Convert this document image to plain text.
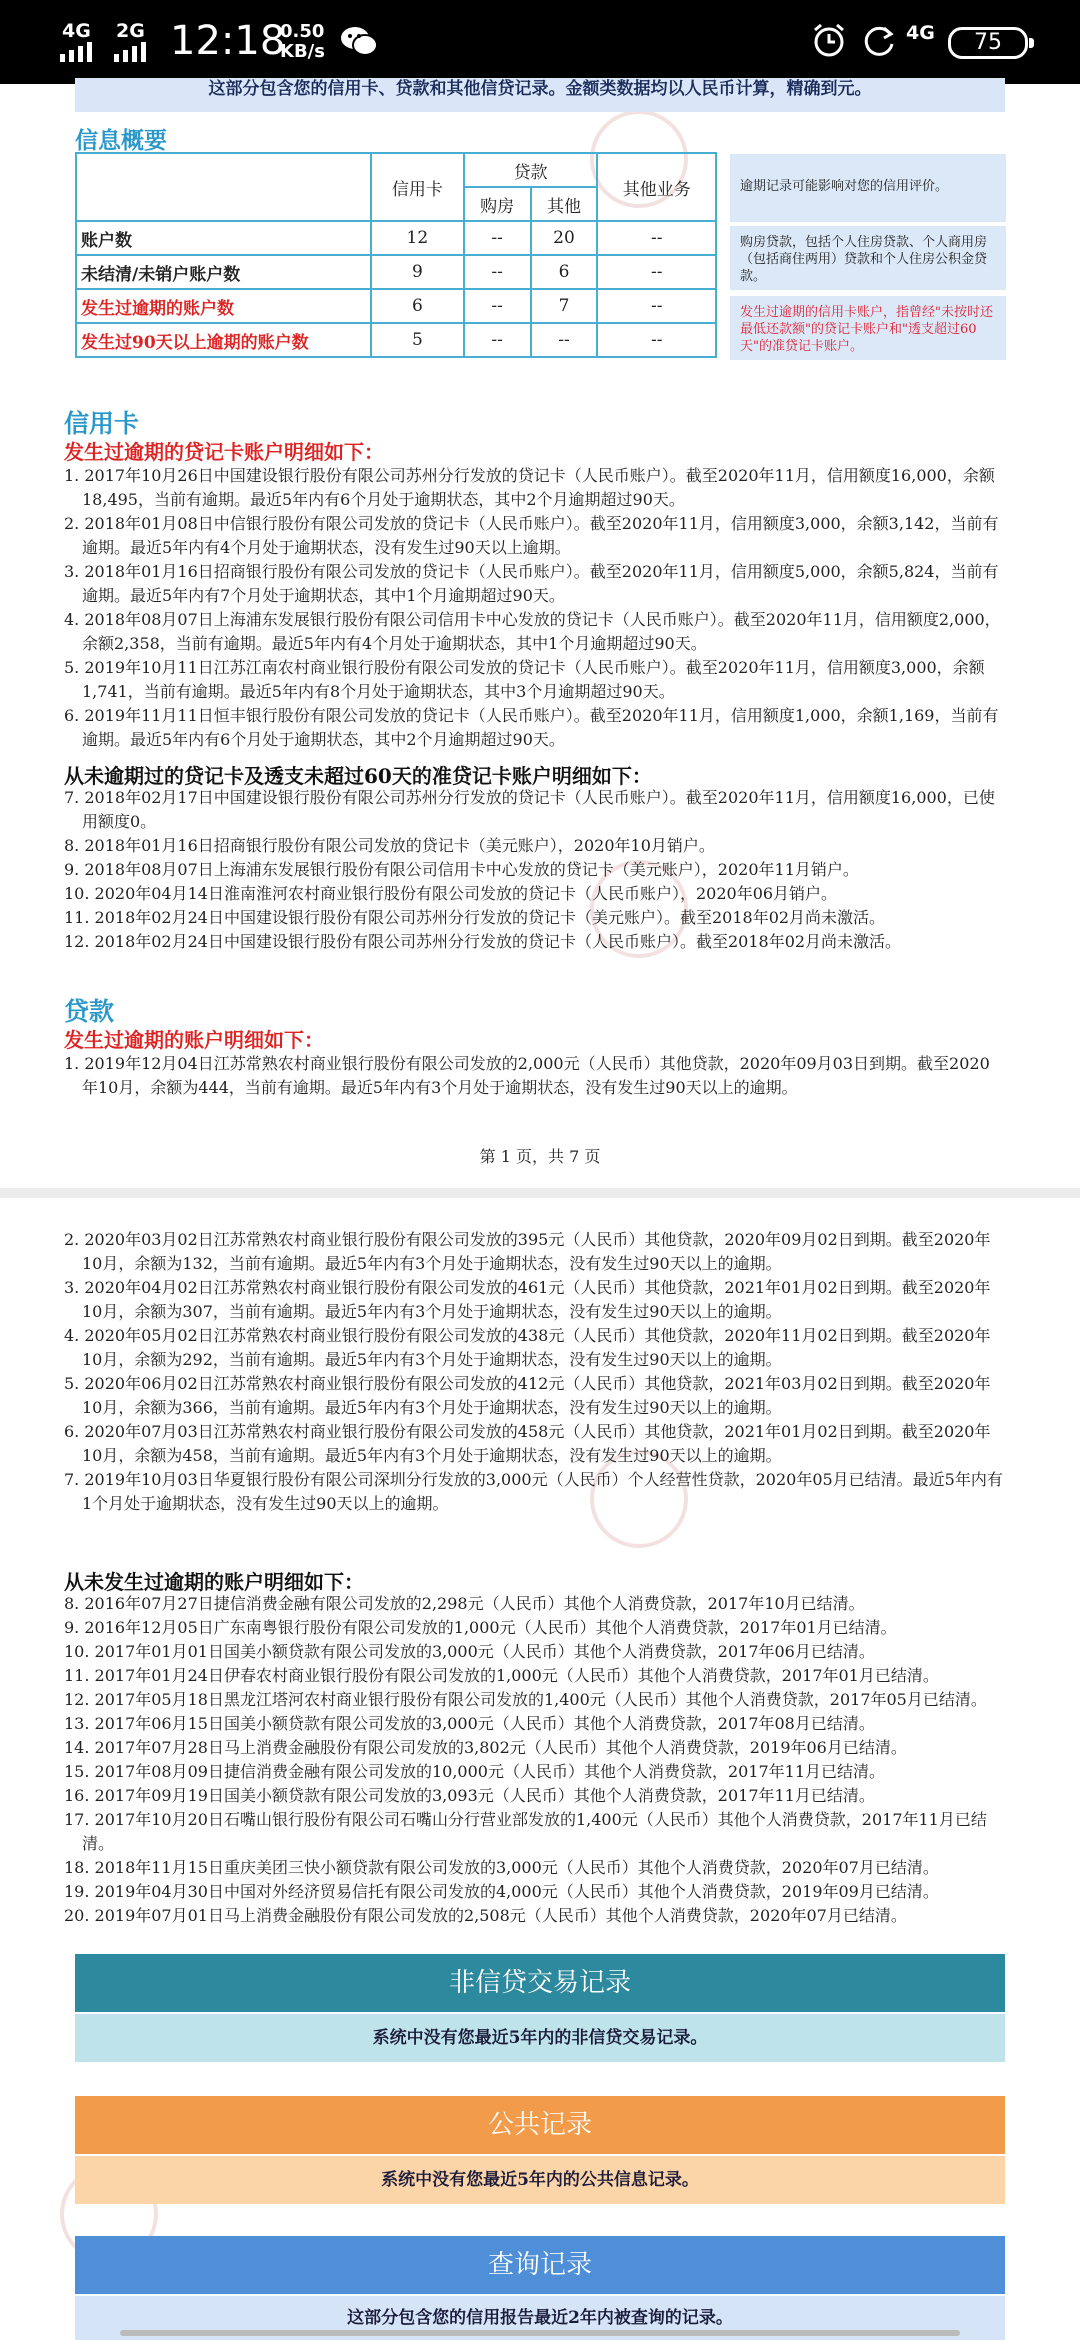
4G 2G 12:18
0.50
KB/s
4G	75
这部分包含您的信用卡、贷款和其他信贷记录。金额类数据均以人民币计算，精确到元。
信息概要
	信用卡	贷款		其他业务
		购房	其他	
账户数	12	--	20	--
未结清/未销户账户数	9	--	6	--
发生过逾期的账户数	6	--	7	--
发生过90天以上逾期的账户数	5	--	--	--
逾期记录可能影响对您的信用评价。
购房贷款，包括个人住房贷款、个人商用房（包括商住两用）贷款和个人住房公积金贷款。
发生过逾期的信用卡账户，指曾经"未按时还最低还款额"的贷记卡账户和"透支超过60天"的准贷记卡账户。
信用卡
发生过逾期的贷记卡账户明细如下：
1. 2017年10月26日中国建设银行股份有限公司苏州分行发放的贷记卡（人民币账户）。截至2020年11月，信用额度16,000，余额18,495，当前有逾期。最近5年内有6个月处于逾期状态，其中2个月逾期超过90天。
2. 2018年01月08日中信银行股份有限公司发放的贷记卡（人民币账户）。截至2020年11月，信用额度3,000，余额3,142，当前有逾期。最近5年内有4个月处于逾期状态，没有发生过90天以上逾期。
3. 2018年01月16日招商银行股份有限公司发放的贷记卡（人民币账户）。截至2020年11月，信用额度5,000，余额5,824，当前有逾期。最近5年内有7个月处于逾期状态，其中1个月逾期超过90天。
4. 2018年08月07日上海浦东发展银行股份有限公司信用卡中心发放的贷记卡（人民币账户）。截至2020年11月，信用额度2,000，余额2,358，当前有逾期。最近5年内有4个月处于逾期状态，其中1个月逾期超过90天。
5. 2019年10月11日江苏江南农村商业银行股份有限公司发放的贷记卡（人民币账户）。截至2020年11月，信用额度3,000，余额1,741，当前有逾期。最近5年内有8个月处于逾期状态，其中3个月逾期超过90天。
6. 2019年11月11日恒丰银行股份有限公司发放的贷记卡（人民币账户）。截至2020年11月，信用额度1,000，余额1,169，当前有逾期。最近5年内有6个月处于逾期状态，其中2个月逾期超过90天。
从未逾期过的贷记卡及透支未超过60天的准贷记卡账户明细如下：
7. 2018年02月17日中国建设银行股份有限公司苏州分行发放的贷记卡（人民币账户）。截至2020年11月，信用额度16,000，已使用额度0。
8. 2018年01月16日招商银行股份有限公司发放的贷记卡（美元账户），2020年10月销户。
9. 2018年08月07日上海浦东发展银行股份有限公司信用卡中心发放的贷记卡（美元账户），2020年11月销户。
10. 2020年04月14日淮南淮河农村商业银行股份有限公司发放的贷记卡（人民币账户），2020年06月销户。
11. 2018年02月24日中国建设银行股份有限公司苏州分行发放的贷记卡（美元账户）。截至2018年02月尚未激活。
12. 2018年02月24日中国建设银行股份有限公司苏州分行发放的贷记卡（人民币账户）。截至2018年02月尚未激活。
贷款
发生过逾期的账户明细如下：
1. 2019年12月04日江苏常熟农村商业银行股份有限公司发放的2,000元（人民币）其他贷款，2020年09月03日到期。截至2020年10月，余额为444，当前有逾期。最近5年内有3个月处于逾期状态，没有发生过90天以上的逾期。
第 1 页，共 7 页
2. 2020年03月02日江苏常熟农村商业银行股份有限公司发放的395元（人民币）其他贷款，2020年09月02日到期。截至2020年10月，余额为132，当前有逾期。最近5年内有3个月处于逾期状态，没有发生过90天以上的逾期。
3. 2020年04月02日江苏常熟农村商业银行股份有限公司发放的461元（人民币）其他贷款，2021年01月02日到期。截至2020年10月，余额为307，当前有逾期。最近5年内有3个月处于逾期状态，没有发生过90天以上的逾期。
4. 2020年05月02日江苏常熟农村商业银行股份有限公司发放的438元（人民币）其他贷款，2020年11月02日到期。截至2020年10月，余额为292，当前有逾期。最近5年内有3个月处于逾期状态，没有发生过90天以上的逾期。
5. 2020年06月02日江苏常熟农村商业银行股份有限公司发放的412元（人民币）其他贷款，2021年03月02日到期。截至2020年10月，余额为366，当前有逾期。最近5年内有3个月处于逾期状态，没有发生过90天以上的逾期。
6. 2020年07月03日江苏常熟农村商业银行股份有限公司发放的458元（人民币）其他贷款，2021年01月02日到期。截至2020年10月，余额为458，当前有逾期。最近5年内有3个月处于逾期状态，没有发生过90天以上的逾期。
7. 2019年10月03日华夏银行股份有限公司深圳分行发放的3,000元（人民币）个人经营性贷款，2020年05月已结清。最近5年内有1个月处于逾期状态，没有发生过90天以上的逾期。
从未发生过逾期的账户明细如下：
8. 2016年07月27日捷信消费金融有限公司发放的2,298元（人民币）其他个人消费贷款，2017年10月已结清。
9. 2016年12月05日广东南粤银行股份有限公司发放的1,000元（人民币）其他个人消费贷款，2017年01月已结清。
10. 2017年01月01日国美小额贷款有限公司发放的3,000元（人民币）其他个人消费贷款，2017年06月已结清。
11. 2017年01月24日伊春农村商业银行股份有限公司发放的1,000元（人民币）其他个人消费贷款，2017年01月已结清。
12. 2017年05月18日黑龙江塔河农村商业银行股份有限公司发放的1,400元（人民币）其他个人消费贷款，2017年05月已结清。
13. 2017年06月15日国美小额贷款有限公司发放的3,000元（人民币）其他个人消费贷款，2017年08月已结清。
14. 2017年07月28日马上消费金融股份有限公司发放的3,802元（人民币）其他个人消费贷款，2019年06月已结清。
15. 2017年08月09日捷信消费金融有限公司发放的10,000元（人民币）其他个人消费贷款，2017年11月已结清。
16. 2017年09月19日国美小额贷款有限公司发放的3,093元（人民币）其他个人消费贷款，2017年11月已结清。
17. 2017年10月20日石嘴山银行股份有限公司石嘴山分行营业部发放的1,400元（人民币）其他个人消费贷款，2017年11月已结清。
18. 2018年11月15日重庆美团三快小额贷款有限公司发放的3,000元（人民币）其他个人消费贷款，2020年07月已结清。
19. 2019年04月30日中国对外经济贸易信托有限公司发放的4,000元（人民币）其他个人消费贷款，2019年09月已结清。
20. 2019年07月01日马上消费金融股份有限公司发放的2,508元（人民币）其他个人消费贷款，2020年07月已结清。
非信贷交易记录
系统中没有您最近5年内的非信贷交易记录。
公共记录
系统中没有您最近5年内的公共信息记录。
查询记录
这部分包含您的信用报告最近2年内被查询的记录。
